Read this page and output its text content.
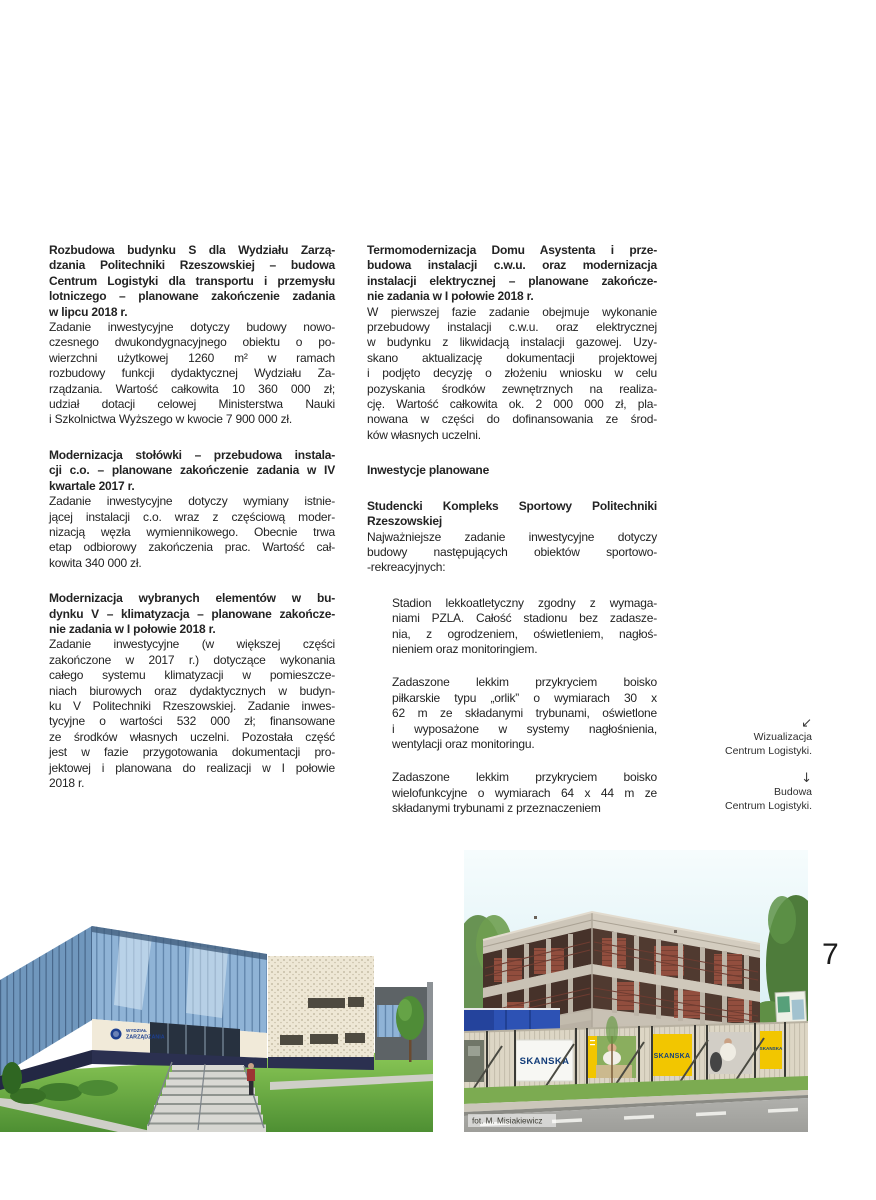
Rozbudowa budynku S dla Wydziału Zarzą-
dzania Politechniki Rzeszowskiej – budowa
Centrum Logistyki dla transportu i przemysłu
lotniczego – planowane zakończenie zadania
w lipcu 2018 r.
Zadanie inwestycyjne dotyczy budowy nowo-
czesnego dwukondygnacyjnego obiektu o po-
wierzchni użytkowej 1260 m² w ramach
rozbudowy funkcji dydaktycznej Wydziału Za-
rządzania. Wartość całkowita 10 360 000 zł;
udział dotacji celowej Ministerstwa Nauki
i Szkolnictwa Wyższego w kwocie 7 900 000 zł.
Modernizacja stołówki – przebudowa instala-
cji c.o. – planowane zakończenie zadania w IV
kwartale 2017 r.
Zadanie inwestycyjne dotyczy wymiany istnie-
jącej instalacji c.o. wraz z częściową moder-
nizacją węzła wymiennikowego. Obecnie trwa
etap odbiorowy zakończenia prac. Wartość cał-
kowita 340 000 zł.
Modernizacja wybranych elementów w bu-
dynku V – klimatyzacja – planowane zakończe-
nie zadania w I połowie 2018 r.
Zadanie inwestycyjne (w większej części
zakończone w 2017 r.) dotyczące wykonania
całego systemu klimatyzacji w pomieszcze-
niach biurowych oraz dydaktycznych w budyn-
ku V Politechniki Rzeszowskiej. Zadanie inwes-
tycyjne o wartości 532 000 zł; finansowane
ze środków własnych uczelni. Pozostała część
jest w fazie przygotowania dokumentacji pro-
jektowej i planowana do realizacji w I połowie
2018 r.
Termomodernizacja Domu Asystenta i prze-
budowa instalacji c.w.u. oraz modernizacja
instalacji elektrycznej – planowane zakończe-
nie zadania w I połowie 2018 r.
W pierwszej fazie zadanie obejmuje wykonanie
przebudowy instalacji c.w.u. oraz elektrycznej
w budynku z likwidacją instalacji gazowej. Uzy-
skano aktualizację dokumentacji projektowej
i podjęto decyzję o złożeniu wniosku w celu
pozyskania środków zewnętrznych na realiza-
cję. Wartość całkowita ok. 2 000 000 zł, pla-
nowana w części do dofinansowania ze środ-
ków własnych uczelni.
Inwestycje planowane
Studencki Kompleks Sportowy Politechniki
Rzeszowskiej
Najważniejsze zadanie inwestycyjne dotyczy
budowy następujących obiektów sportowo-
-rekreacyjnych:
Stadion lekkoatletyczny zgodny z wymaga-
niami PZLA. Całość stadionu bez zadasze-
nia, z ogrodzeniem, oświetleniem, nagłoś-
nieniem oraz monitoringiem.
Zadaszone lekkim przykryciem boisko
piłkarskie typu „orlik” o wymiarach 30 x
62 m ze składanymi trybunami, oświetlone
i wyposażone w systemy nagłośnienia,
wentylacji oraz monitoringu.
Zadaszone lekkim przykryciem boisko
wielofunkcyjne o wymiarach 64 x 44 m ze
składanymi trybunami z przeznaczeniem
↙
Wizualizacja
Centrum Logistyki.
↓
Budowa
Centrum Logistyki.
7
WYDZIAŁ
ZARZĄDZANIA
SKANSKA	SKANSKA
SKANSKA
fot. M. Misiakiewicz
